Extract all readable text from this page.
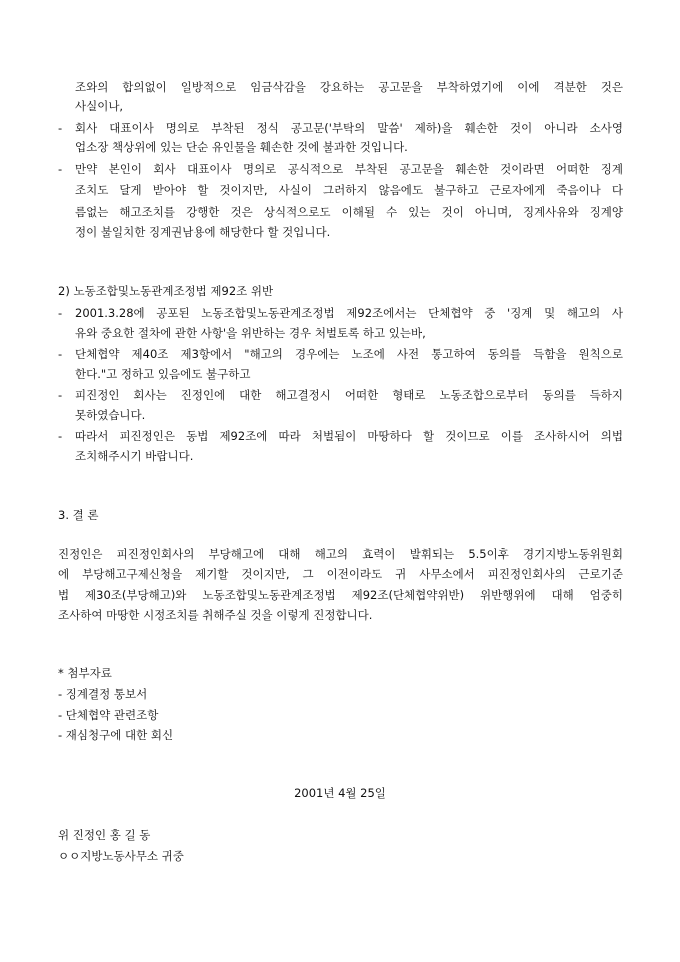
조와의 합의없이 일방적으로 임금삭감을 강요하는 공고문을 부착하였기에 이에 격분한 것은
사실이나,
- 회사 대표이사 명의로 부착된 정식 공고문('부탁의 말씀' 제하)을 훼손한 것이 아니라 소사영
업소장 책상위에 있는 단순 유인물을 훼손한 것에 불과한 것입니다.
- 만약 본인이 회사 대표이사 명의로 공식적으로 부착된 공고문을 훼손한 것이라면 어떠한 징계
조치도 달게 받아야 할 것이지만, 사실이 그러하지 않음에도 불구하고 근로자에게 죽음이나 다
름없는 해고조치를 강행한 것은 상식적으로도 이해될 수 있는 것이 아니며, 징계사유와 징계양
정이 불일치한 징계권남용에 해당한다 할 것입니다.
2) 노동조합및노동관계조정법 제92조 위반
- 2001.3.28에 공포된 노동조합및노동관계조정법 제92조에서는 단체협약 중 '징계 및 해고의 사
유와 중요한 절차에 관한 사항'을 위반하는 경우 처벌토록 하고 있는바,
- 단체협약 제40조 제3항에서 "해고의 경우에는 노조에 사전 통고하여 동의를 득함을 원칙으로
한다."고 정하고 있음에도 불구하고
- 피진정인 회사는 진정인에 대한 해고결정시 어떠한 형태로 노동조합으로부터 동의를 득하지
못하였습니다.
- 따라서 피진정인은 동법 제92조에 따라 처벌됨이 마땅하다 할 것이므로 이를 조사하시어 의법
조치해주시기 바랍니다.
3. 결 론
진정인은 피진정인회사의 부당해고에 대해 해고의 효력이 발휘되는 5.5이후 경기지방노동위원회
에 부당해고구제신청을 제기할 것이지만, 그 이전이라도 귀 사무소에서 피진정인회사의 근로기준
법 제30조(부당해고)와 노동조합및노동관계조정법 제92조(단체협약위반) 위반행위에 대해 엄중히
조사하여 마땅한 시정조치를 취해주실 것을 이렇게 진정합니다.
* 첨부자료
- 징계결정 통보서
- 단체협약 관련조항
- 재심청구에 대한 회신
2001년 4월 25일
위 진정인 홍 길 동
ㅇㅇ지방노동사무소 귀중
